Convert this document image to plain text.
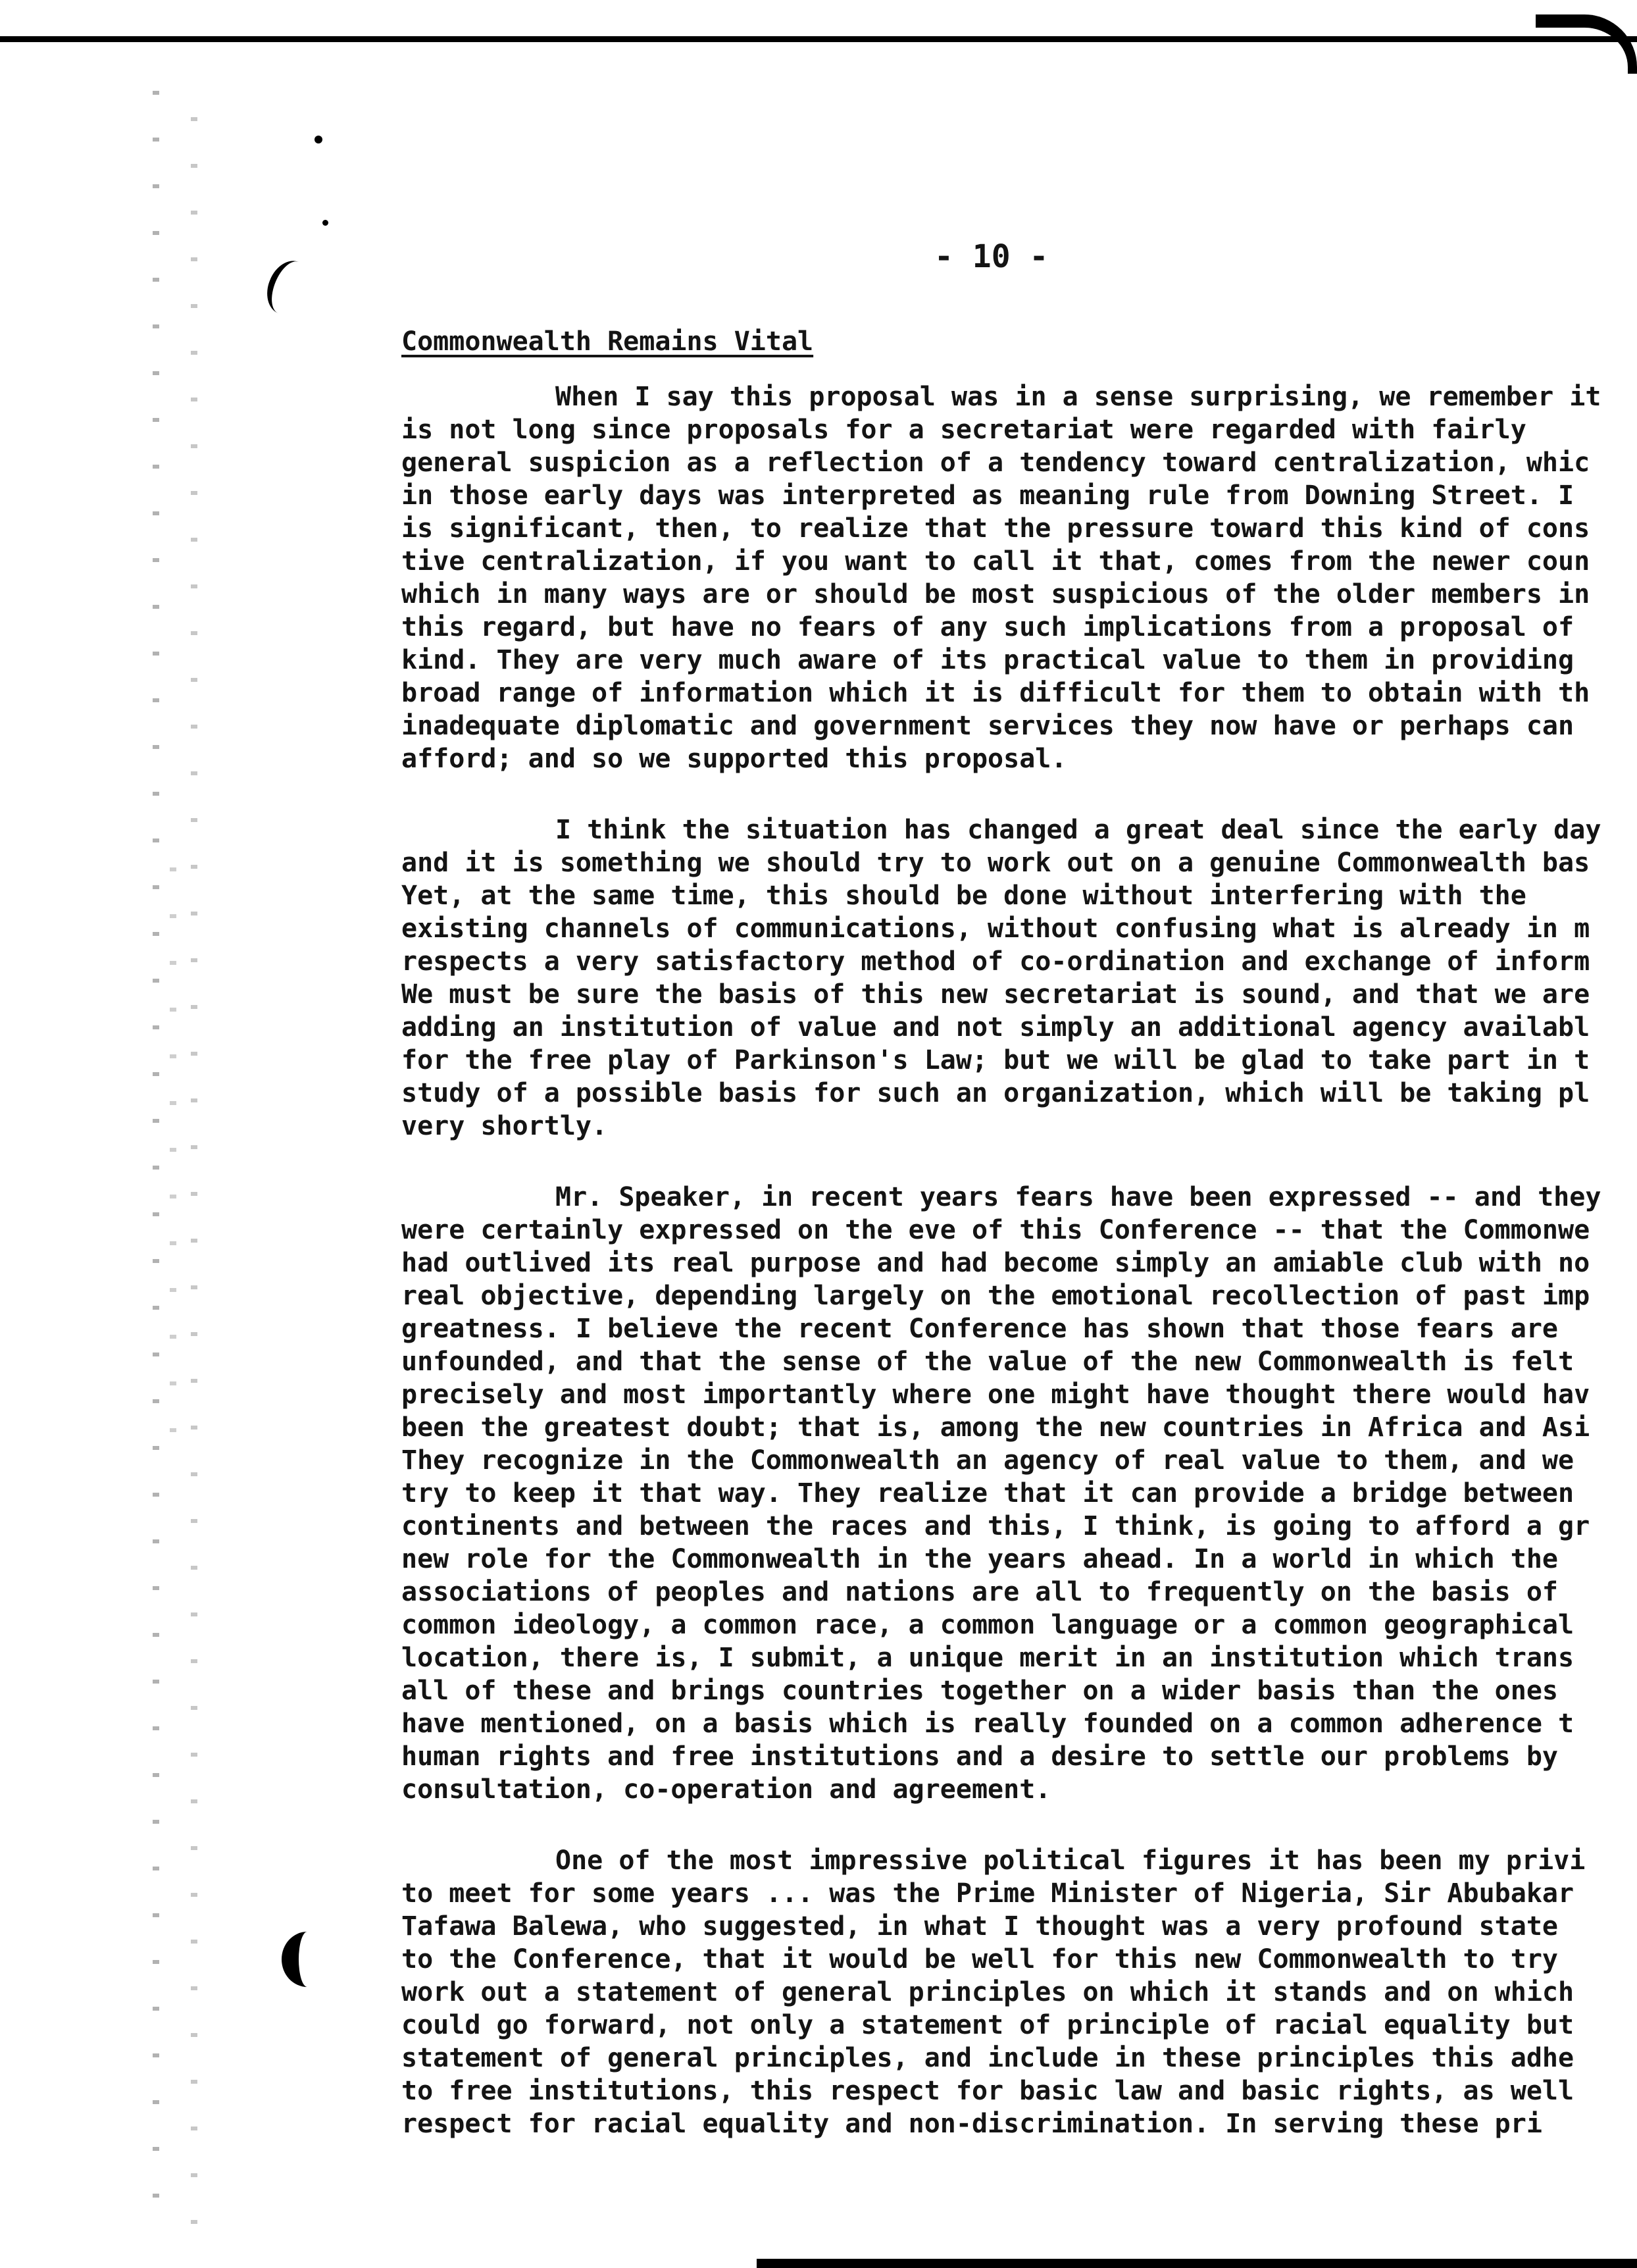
- 10 -
Commonwealth Remains Vital
When I say this proposal was in a sense surprising, we remember it
is not long since proposals for a secretariat were regarded with fairly
general suspicion as a reflection of a tendency toward centralization, whic
in those early days was interpreted as meaning rule from Downing Street. I
is significant, then, to realize that the pressure toward this kind of cons
tive centralization, if you want to call it that, comes from the newer coun
which in many ways are or should be most suspicious of the older members in
this regard, but have no fears of any such implications from a proposal of
kind. They are very much aware of its practical value to them in providing
broad range of information which it is difficult for them to obtain with th
inadequate diplomatic and government services they now have or perhaps can
afford; and so we supported this proposal.
I think the situation has changed a great deal since the early day
and it is something we should try to work out on a genuine Commonwealth bas
Yet, at the same time, this should be done without interfering with the
existing channels of communications, without confusing what is already in m
respects a very satisfactory method of co-ordination and exchange of inform
We must be sure the basis of this new secretariat is sound, and that we are
adding an institution of value and not simply an additional agency availabl
for the free play of Parkinson's Law; but we will be glad to take part in t
study of a possible basis for such an organization, which will be taking pl
very shortly.
Mr. Speaker, in recent years fears have been expressed -- and they
were certainly expressed on the eve of this Conference -- that the Commonwe
had outlived its real purpose and had become simply an amiable club with no
real objective, depending largely on the emotional recollection of past imp
greatness. I believe the recent Conference has shown that those fears are
unfounded, and that the sense of the value of the new Commonwealth is felt
precisely and most importantly where one might have thought there would hav
been the greatest doubt; that is, among the new countries in Africa and Asi
They recognize in the Commonwealth an agency of real value to them, and we
try to keep it that way. They realize that it can provide a bridge between
continents and between the races and this, I think, is going to afford a gr
new role for the Commonwealth in the years ahead. In a world in which the
associations of peoples and nations are all to frequently on the basis of
common ideology, a common race, a common language or a common geographical
location, there is, I submit, a unique merit in an institution which trans
all of these and brings countries together on a wider basis than the ones
have mentioned, on a basis which is really founded on a common adherence t
human rights and free institutions and a desire to settle our problems by
consultation, co-operation and agreement.
One of the most impressive political figures it has been my privi
to meet for some years ... was the Prime Minister of Nigeria, Sir Abubakar
Tafawa Balewa, who suggested, in what I thought was a very profound state
to the Conference, that it would be well for this new Commonwealth to try
work out a statement of general principles on which it stands and on which
could go forward, not only a statement of principle of racial equality but
statement of general principles, and include in these principles this adhe
to free institutions, this respect for basic law and basic rights, as well
respect for racial equality and non-discrimination. In serving these pri
